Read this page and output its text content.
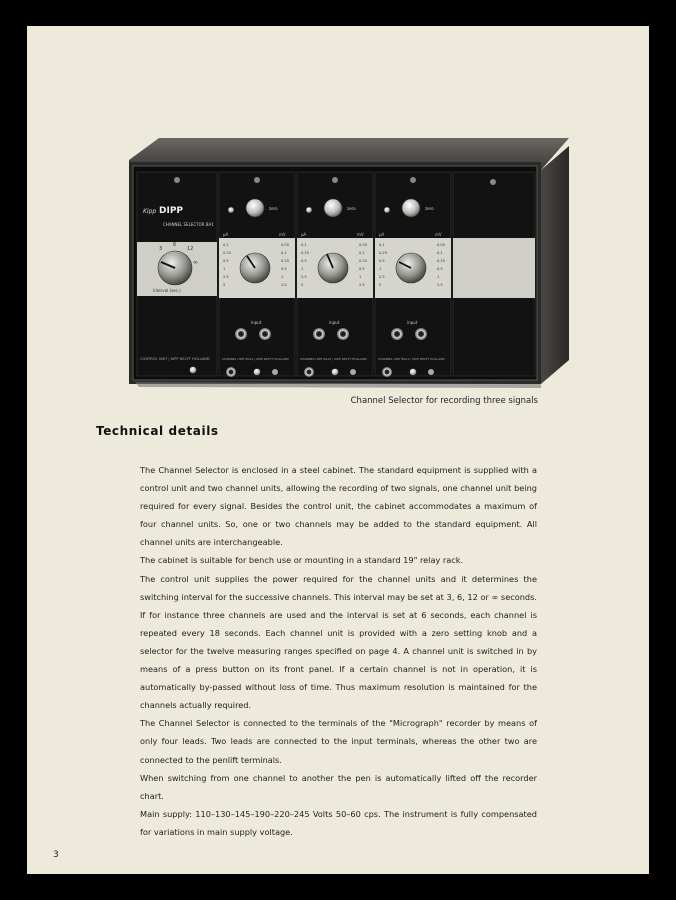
Kipp DIPP
CHANNEL SELECTOR BA1
3
6
12
∞
interval (sec.)
CONTROL UNIT | KIPP DELFT HOLLAND
zero
µA	mV
0.1
0.25
0.5
1
2.5
5
0.05
0.1
0.25
0.5
1
2.5
input
CHANNEL UNIT BA11 | KIPP DELFT HOLLAND
zero
µA	mV
0.1
0.25
0.5
1
2.5
5
0.05
0.1
0.25
0.5
1
2.5
input
CHANNEL UNIT BA11 | KIPP DELFT HOLLAND
zero
µA	mV
0.1
0.25
0.5
1
2.5
5
0.05
0.1
0.25
0.5
1
2.5
input
CHANNEL UNIT BA11 | KIPP DELFT HOLLAND
Channel Selector for recording three signals
Technical details

The Channel Selector is enclosed in a steel cabinet. The standard equipment is supplied with a control unit and two channel units, allowing the recording of two signals, one channel unit being required for every signal. Besides the control unit, the cabinet accommodates a maximum of four channel units. So, one or two channels may be added to the standard equipment. All channel units are interchangeable.

The cabinet is suitable for bench use or mounting in a standard 19" relay rack.

The control unit supplies the power required for the channel units and it determines the switching interval for the successive channels. This interval may be set at 3, 6, 12 or ∞ seconds. If for instance three channels are used and the interval is set at 6 seconds, each channel is repeated every 18 seconds. Each channel unit is provided with a zero setting knob and a selector for the twelve measuring ranges specified on page 4. A channel unit is switched in by means of a press button on its front panel. If a certain channel is not in operation, it is automatically by-passed without loss of time. Thus maximum resolution is maintained for the channels actually required.

The Channel Selector is connected to the terminals of the "Micrograph" recorder by means of only four leads. Two leads are connected to the input terminals, whereas the other two are connected to the penlift terminals.

When switching from one channel to another the pen is automatically lifted off the recorder chart.

Main supply: 110–130–145–190–220–245 Volts 50–60 cps. The instrument is fully compensated for variations in main supply voltage.

3
